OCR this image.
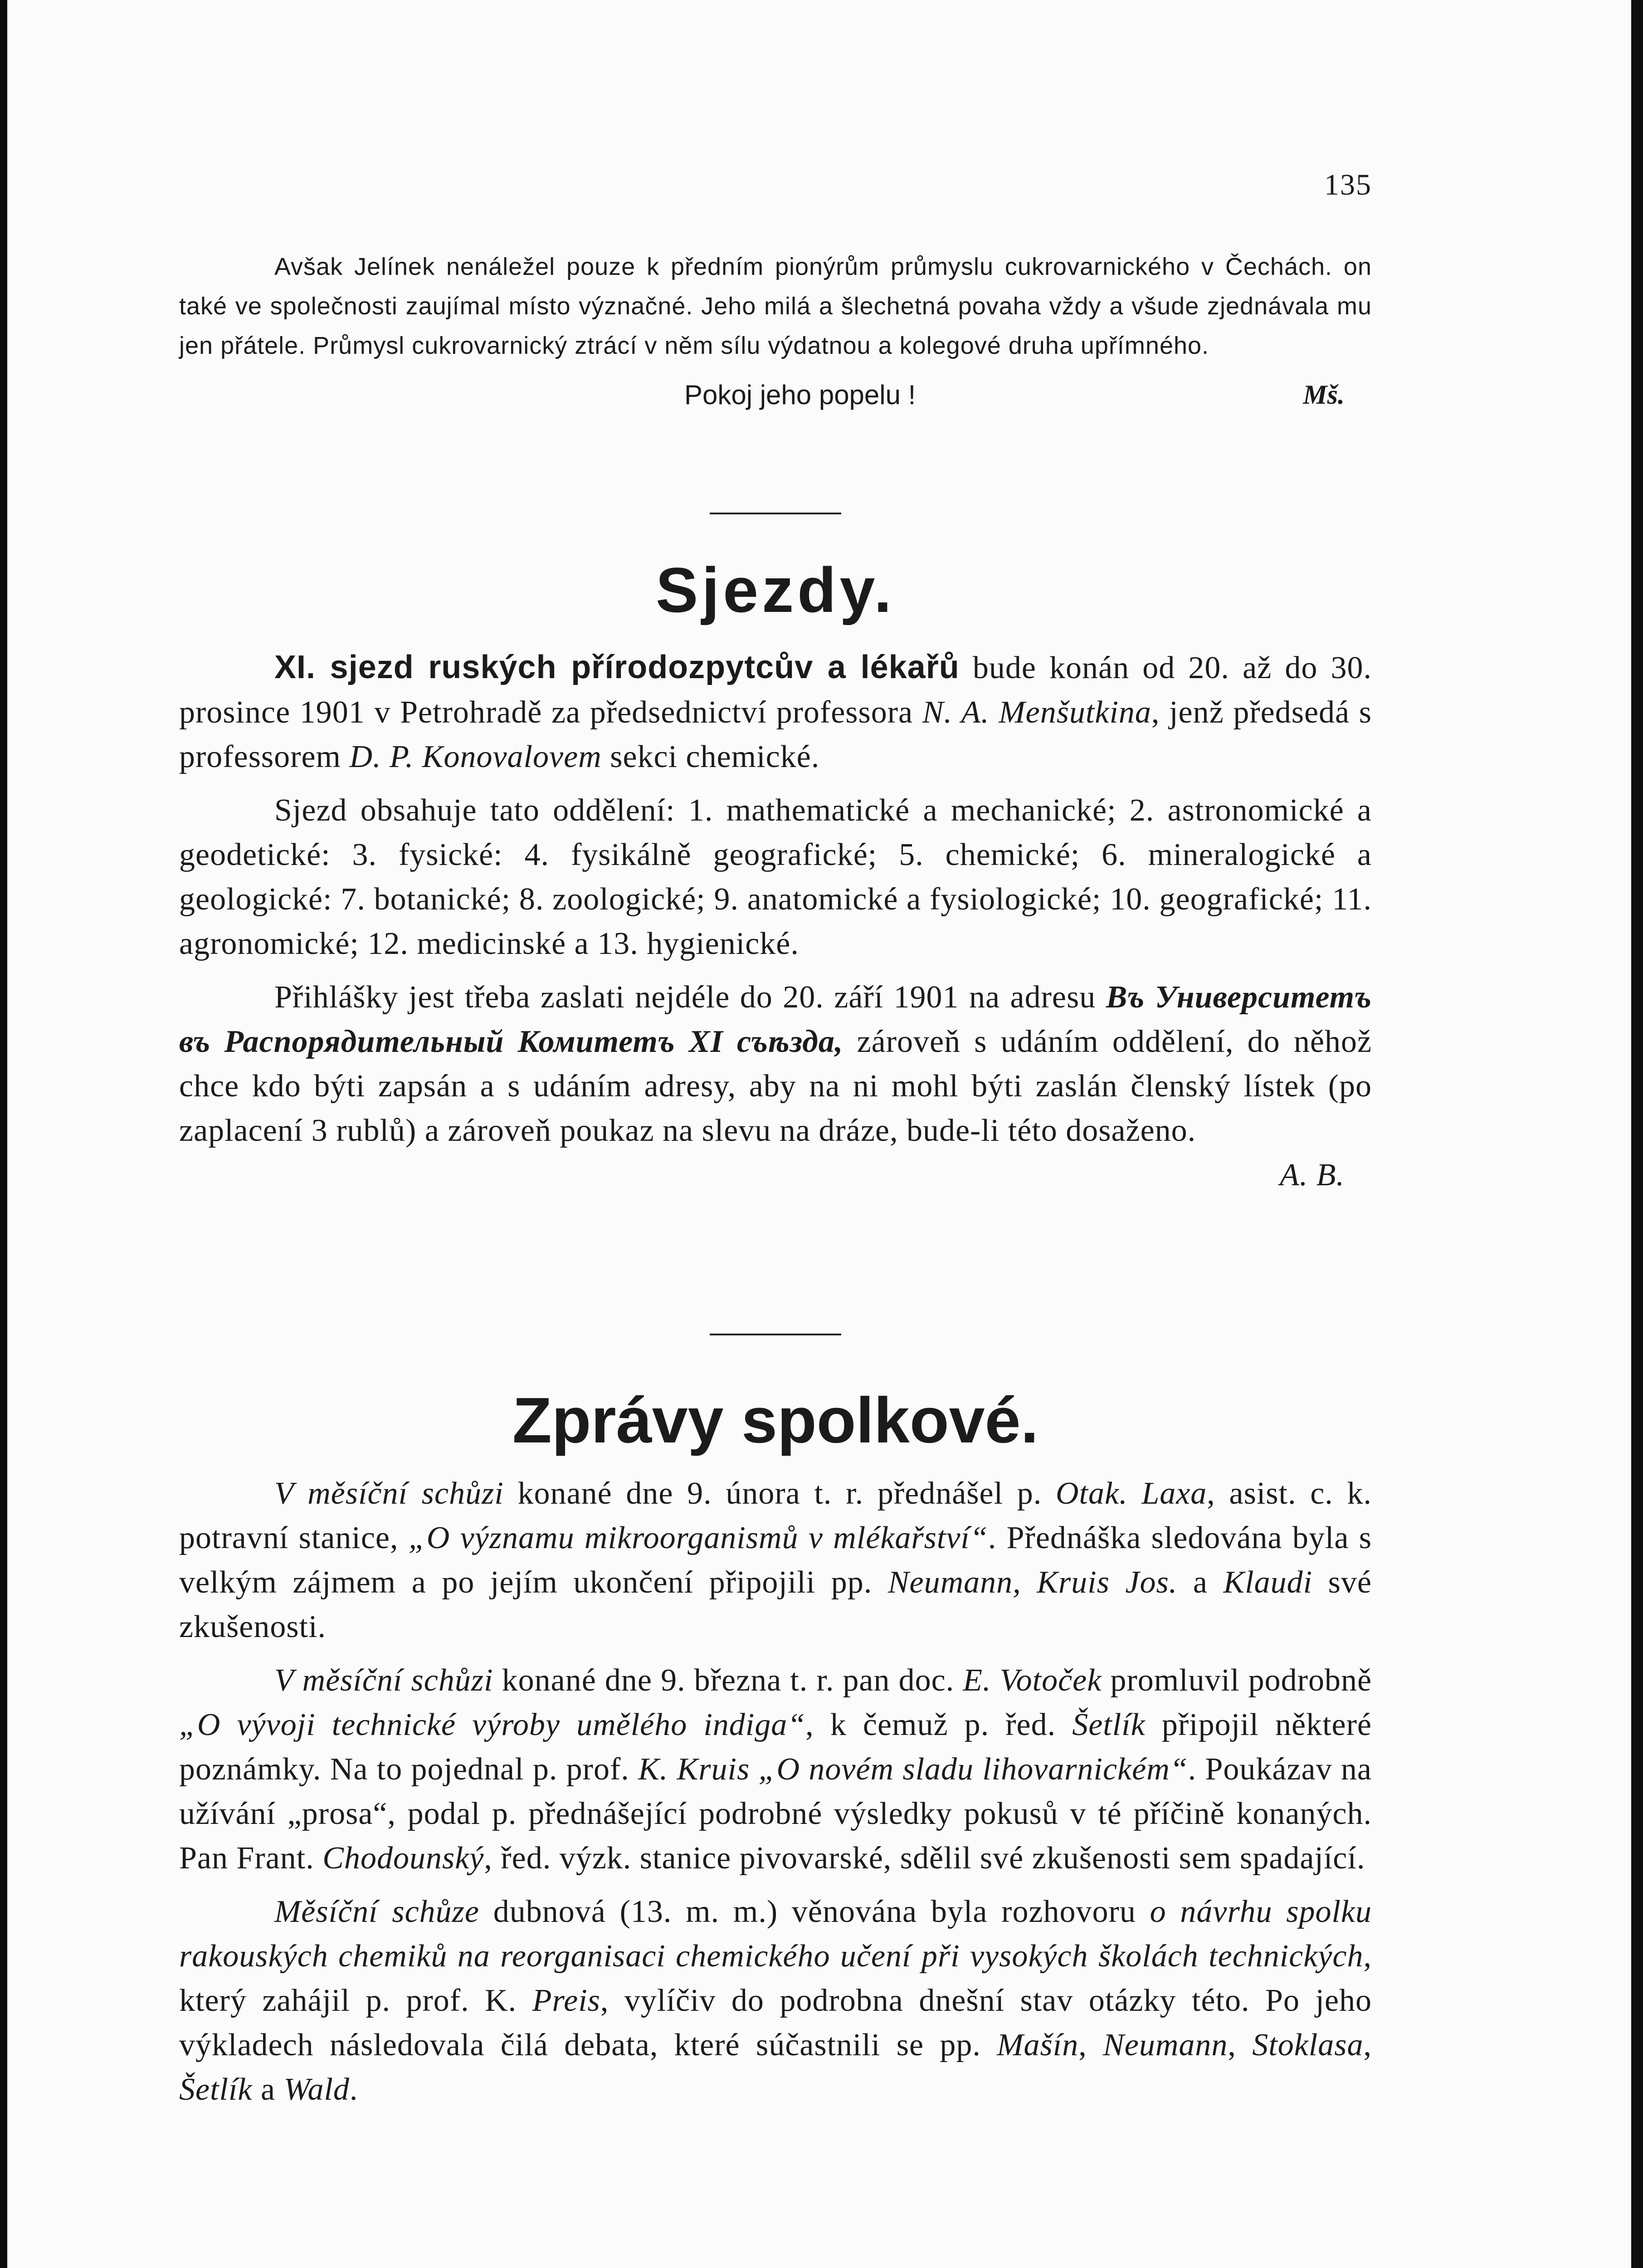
135

Avšak Jelínek nenáležel pouze k předním pionýrům průmyslu cukrovarnického v Čechách. on také ve společnosti zaujímal místo význačné. Jeho milá a šlechetná povaha vždy a všude zjednávala mu jen přátele. Průmysl cukrovarnický ztrácí v něm sílu výdatnou a kolegové druha upřímného.

Pokoj jeho popelu !	Mš.
Sjezdy.

XI. sjezd ruských přírodozpytcův a lékařů bude konán od 20. až do 30. prosince 1901 v Petrohradě za předsednictví professora N. A. Menšutkina, jenž předsedá s professorem D. P. Konovalovem sekci chemické.

Sjezd obsahuje tato oddělení: 1. mathematické a mechanické; 2. astronomické a geodetické: 3. fysické: 4. fysikálně geografické; 5. chemické; 6. mineralogické a geologické: 7. botanické; 8. zoologické; 9. anatomické a fysiologické; 10. geografické; 11. agronomické; 12. medicinské a 13. hygienické.

Přihlášky jest třeba zaslati nejdéle do 20. září 1901 na adresu Въ Университетъ въ Распорядительный Комитетъ XI съѣзда, zároveň s udáním oddělení, do něhož chce kdo býti zapsán a s udáním adresy, aby na ni mohl býti zaslán členský lístek (po zaplacení 3 rublů) a zároveň poukaz na slevu na dráze, bude-li této dosaženo.
A. B.

Zprávy spolkové.

V měsíční schůzi konané dne 9. února t. r. přednášel p. Otak. Laxa, asist. c. k. potravní stanice, „O významu mikroorganismů v mlékařství“. Přednáška sledována byla s velkým zájmem a po jejím ukončení připojili pp. Neumann, Kruis Jos. a Klaudi své zkušenosti.

V měsíční schůzi konané dne 9. března t. r. pan doc. E. Votoček promluvil podrobně „O vývoji technické výroby umělého indiga“, k čemuž p. řed. Šetlík připojil některé poznámky. Na to pojednal p. prof. K. Kruis „O novém sladu lihovarnickém“. Poukázav na užívání „prosa“, podal p. přednášející podrobné výsledky pokusů v té příčině konaných. Pan Frant. Chodounský, řed. výzk. stanice pivovarské, sdělil své zkušenosti sem spadající.

Měsíční schůze dubnová (13. m. m.) věnována byla rozhovoru o návrhu spolku rakouských chemiků na reorganisaci chemického učení při vysokých školách technických, který zahájil p. prof. K. Preis, vylíčiv do podrobna dnešní stav otázky této. Po jeho výkladech následovala čilá debata, které súčastnili se pp. Mašín, Neumann, Stoklasa, Šetlík a Wald.
